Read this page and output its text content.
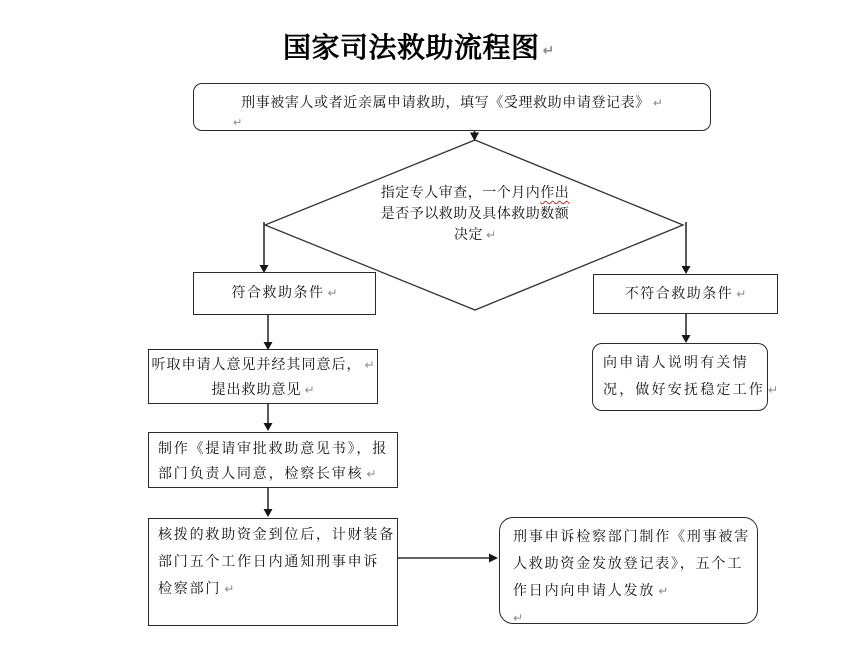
国家司法救助流程图 ↵
刑事被害人或者近亲属申请救助，填写《受理救助申请登记表》 ↵
↵
指定专人审查，一个月内作出
是否予以救助及具体救助数额
决定 ↵
符合救助条件 ↵	不符合救助条件 ↵
听取申请人意见并经其同意后， ↵
提出救助意见 ↵
制作《提请审批救助意见书》，报
部门负责人同意，检察长审核 ↵
核拨的救助资金到位后，计财装备
部门五个工作日内通知刑事申诉
检察部门 ↵
向申请人说明有关情
况，做好安抚稳定工作 ↵
刑事申诉检察部门制作《刑事被害
人救助资金发放登记表》，五个工
作日内向申请人发放 ↵
↵
